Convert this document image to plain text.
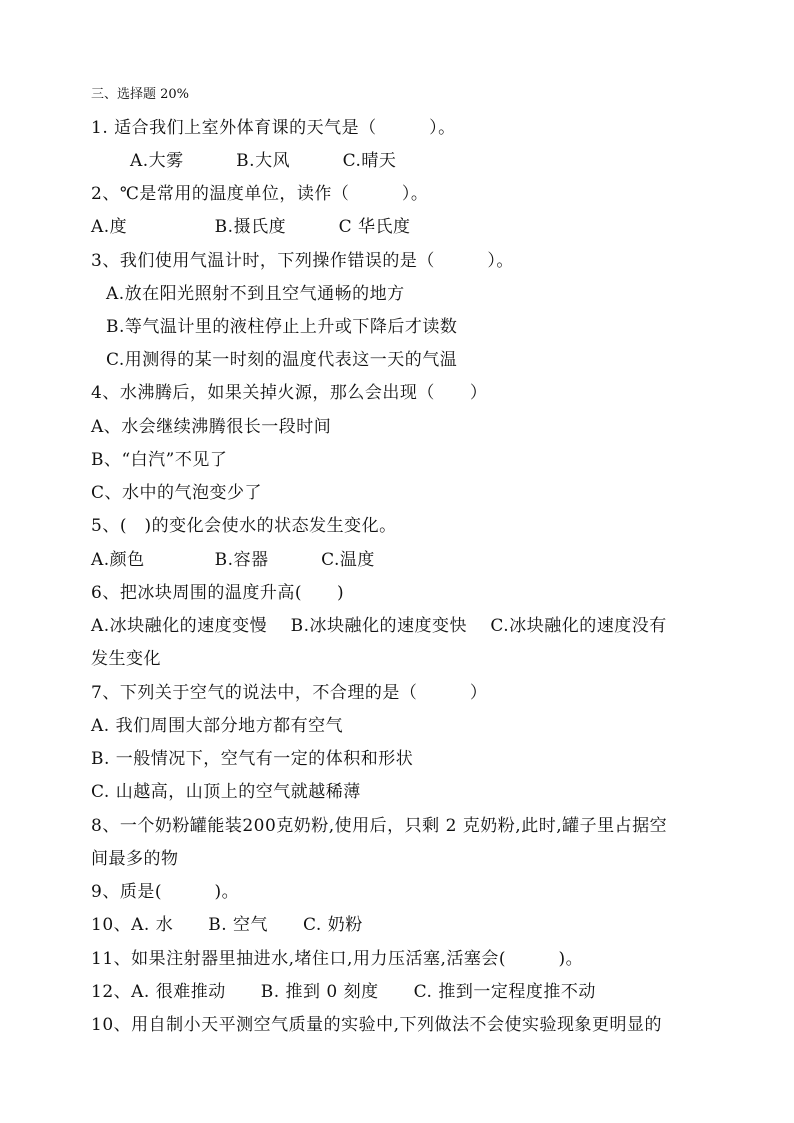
三、选择题 20%
1. 适合我们上室外体育课的天气是（　　　）。
A.大雾　　　B.大风　　　C.晴天
2、℃是常用的温度单位，读作（　　　）。
A.度　　　　　B.摄氏度　　　C 华氏度
3、我们使用气温计时，下列操作错误的是（　　　）。
A.放在阳光照射不到且空气通畅的地方
B.等气温计里的液柱停止上升或下降后才读数
C.用测得的某一时刻的温度代表这一天的气温
4、水沸腾后，如果关掉火源，那么会出现（　　）
A、水会继续沸腾很长一段时间
B、“白汽”不见了
C、水中的气泡变少了
5、(　)的变化会使水的状态发生变化。
A.颜色　　　　B.容器　　　C.温度
6、把冰块周围的温度升高(　　)
A.冰块融化的速度变慢　 B.冰块融化的速度变快　 C.冰块融化的速度没有
发生变化
7、下列关于空气的说法中，不合理的是（　　　）
A. 我们周围大部分地方都有空气
B. 一般情况下，空气有一定的体积和形状
C. 山越高，山顶上的空气就越稀薄
8、一个奶粉罐能装200克奶粉,使用后，只剩 2 克奶粉,此时,罐子里占据空
间最多的物
9、质是(　　　)。
10、A. 水　　B. 空气　　C. 奶粉
11、如果注射器里抽进水,堵住口,用力压活塞,活塞会(　　　)。
12、A. 很难推动　　B. 推到 0 刻度　　C. 推到一定程度推不动
10、用自制小天平测空气质量的实验中,下列做法不会使实验现象更明显的
